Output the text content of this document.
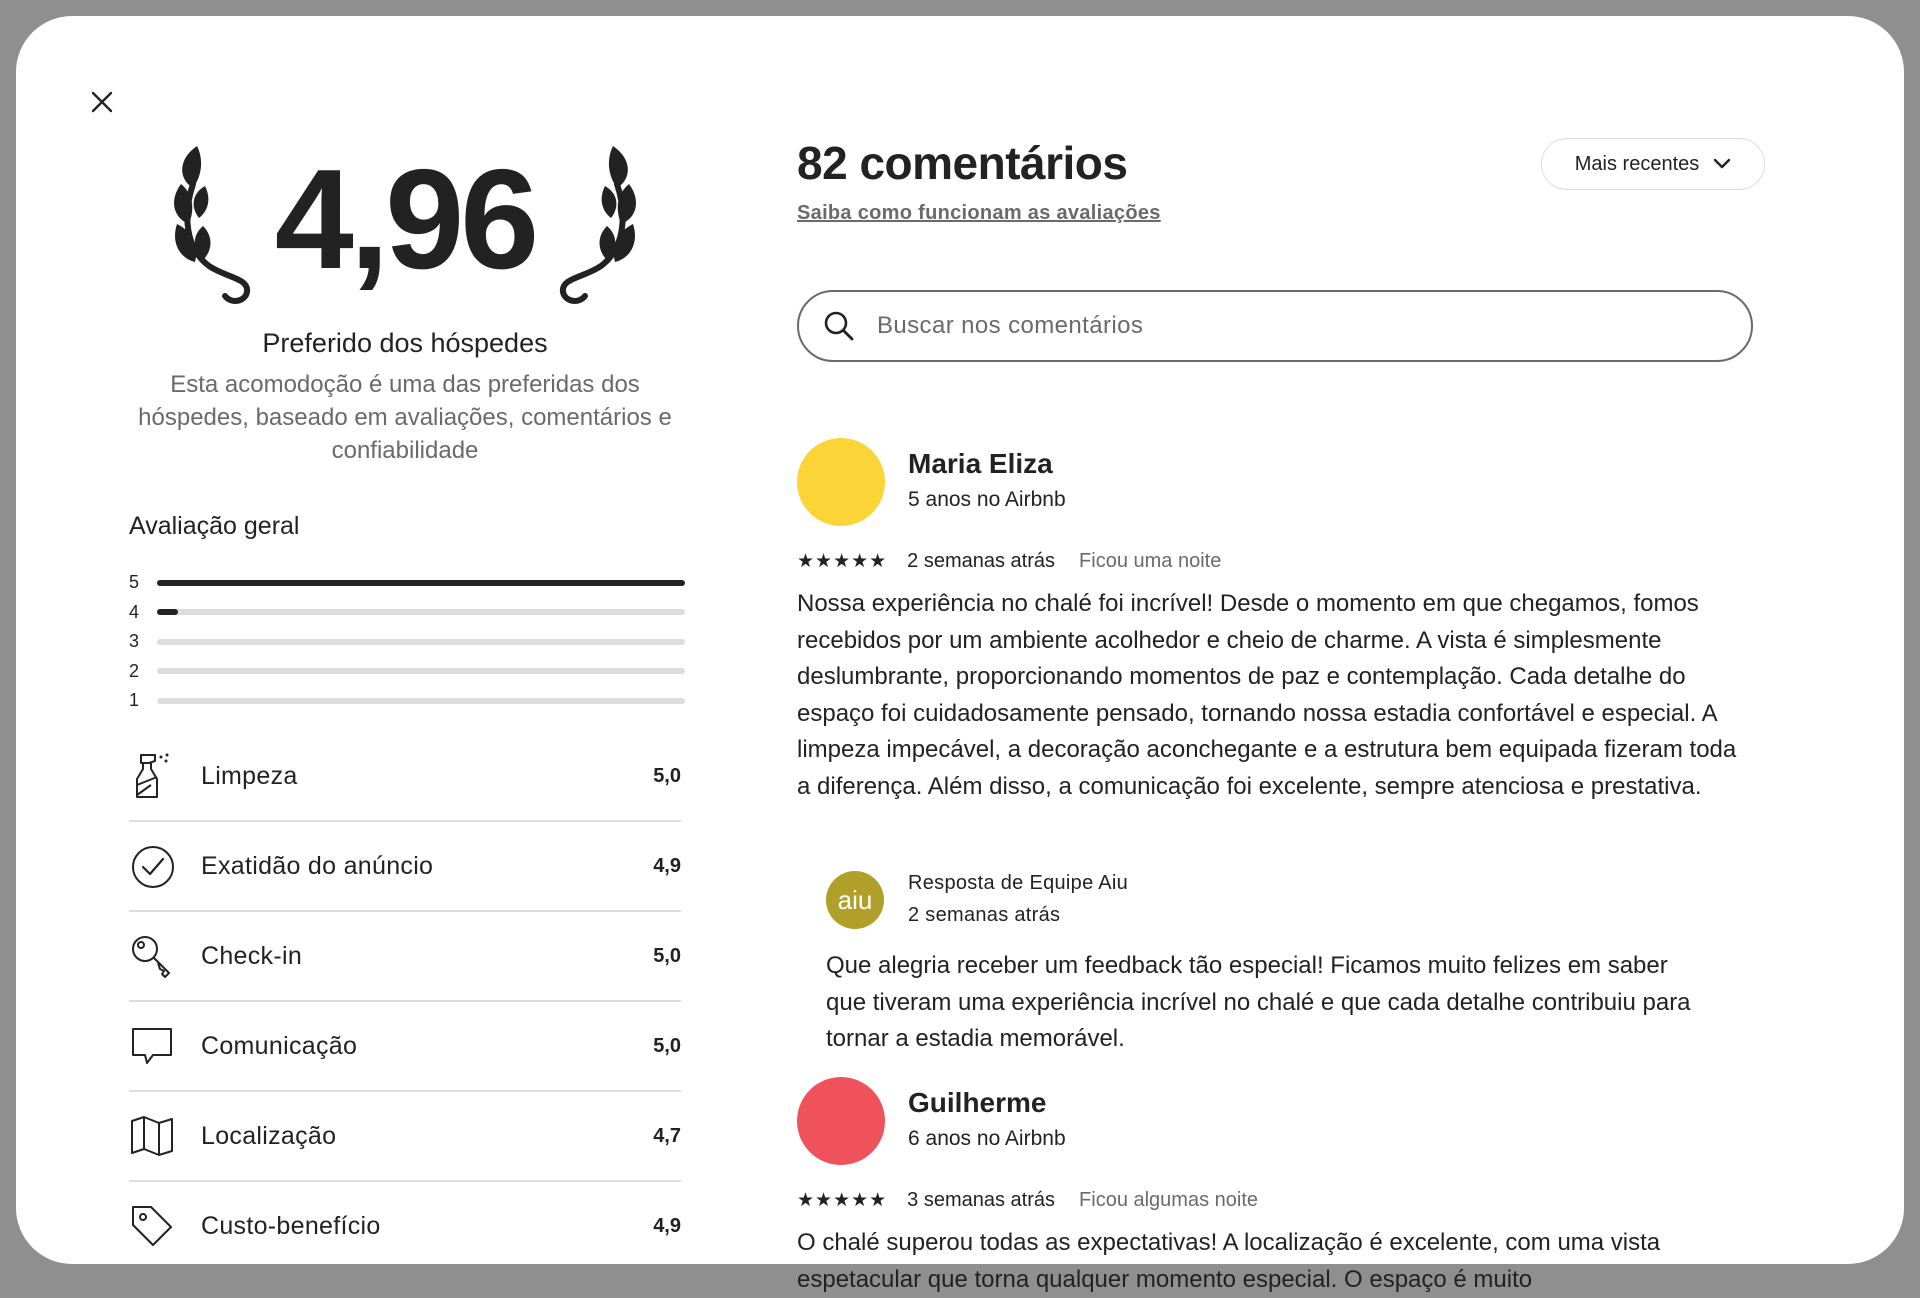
4,96
Preferido dos hóspedes
Esta acomodoção é uma das preferidas dos hóspedes, baseado em avaliações, comentários e confiabilidade
Avaliação geral
5
4
3
2
1
Limpeza	5,0
Exatidão do anúncio	4,9
Check-in	5,0
Comunicação	5,0
Localização	4,7
Custo-benefício	4,9
82 comentários
Saiba como funcionam as avaliações
Mais recentes
Buscar nos comentários
Maria Eliza
5 anos no Airbnb
★★★★★ 2 semanas atrás Ficou uma noite
Nossa experiência no chalé foi incrível! Desde o momento em que chegamos, fomos recebidos por um ambiente acolhedor e cheio de charme. A vista é simplesmente deslumbrante, proporcionando momentos de paz e contemplação. Cada detalhe do espaço foi cuidadosamente pensado, tornando nossa estadia confortável e especial. A limpeza impecável, a decoração aconchegante e a estrutura bem equipada fizeram toda a diferença. Além disso, a comunicação foi excelente, sempre atenciosa e prestativa.
aiu
Resposta de Equipe Aiu
2 semanas atrás
Que alegria receber um feedback tão especial! Ficamos muito felizes em saber que tiveram uma experiência incrível no chalé e que cada detalhe contribuiu para tornar a estadia memorável.
Guilherme
6 anos no Airbnb
★★★★★ 3 semanas atrás Ficou algumas noite
O chalé superou todas as expectativas! A localização é excelente, com uma vista espetacular que torna qualquer momento especial. O espaço é muito
